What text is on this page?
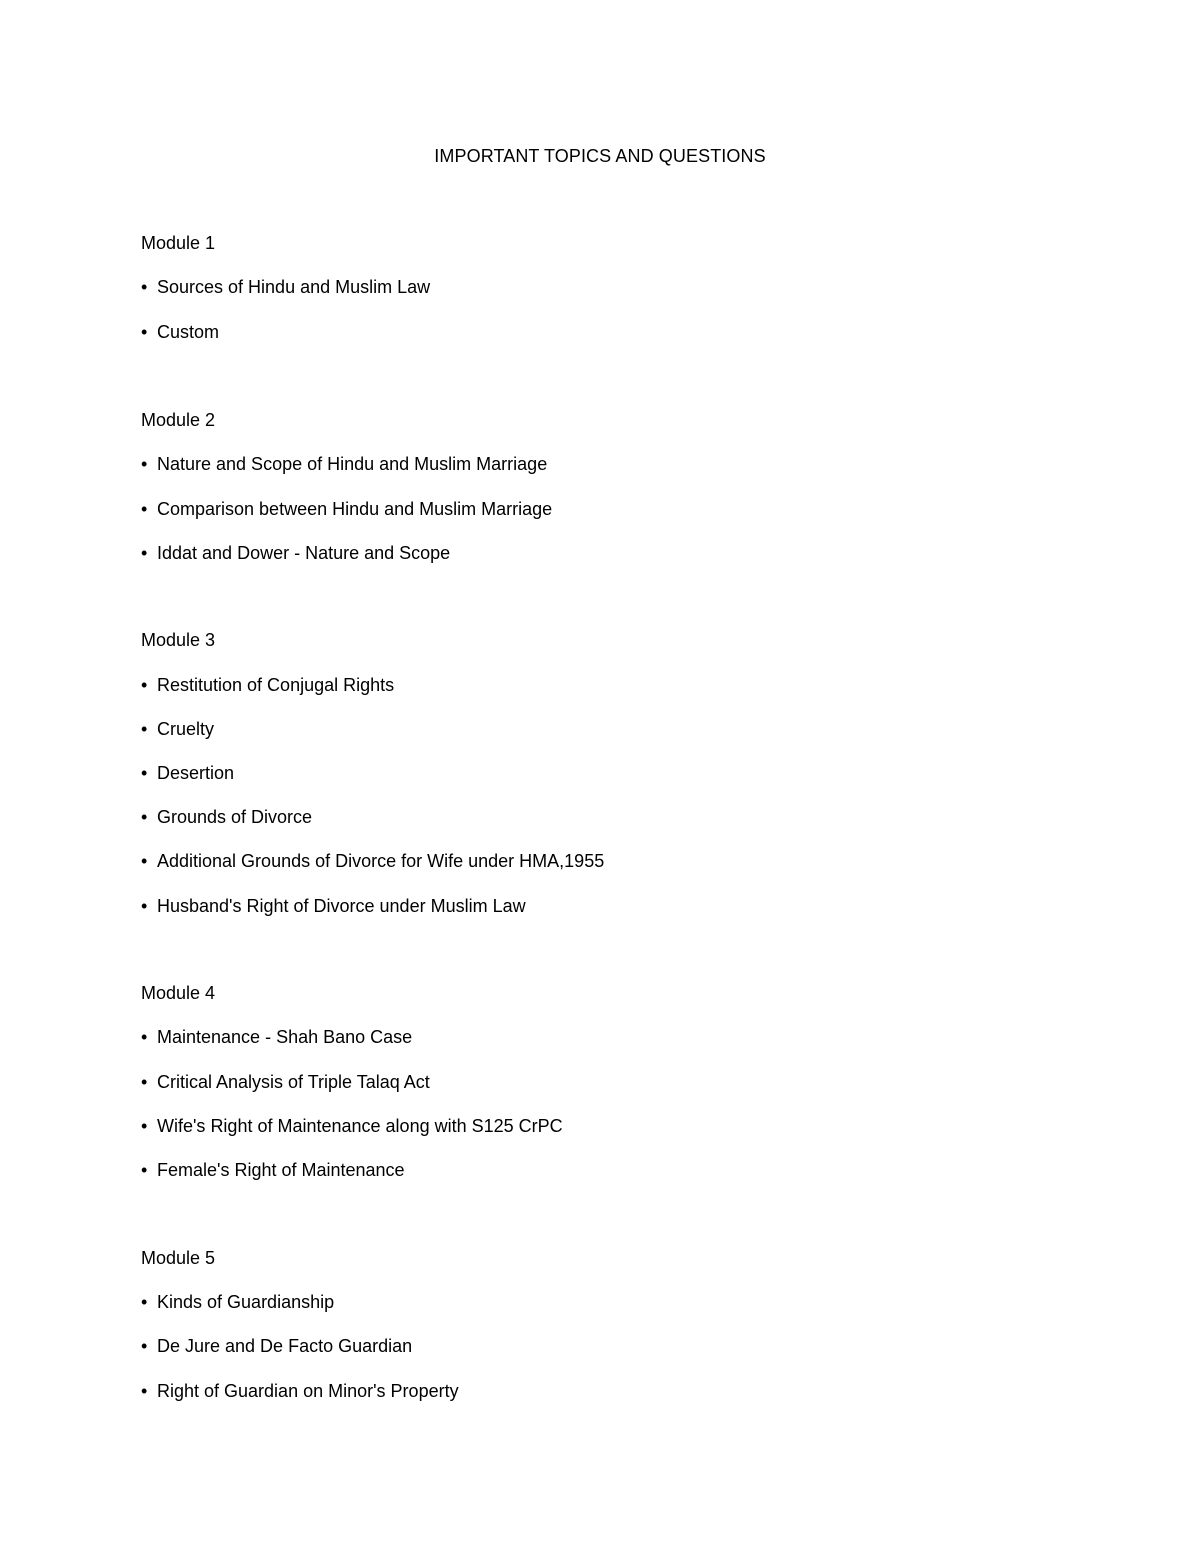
IMPORTANT TOPICS AND QUESTIONS
Module 1
• Sources of Hindu and Muslim Law
• Custom
Module 2
• Nature and Scope of Hindu and Muslim Marriage
• Comparison between Hindu and Muslim Marriage
• Iddat and Dower - Nature and Scope
Module 3
• Restitution of Conjugal Rights
• Cruelty
• Desertion
• Grounds of Divorce
• Additional Grounds of Divorce for Wife under HMA,1955
• Husband's Right of Divorce under Muslim Law
Module 4
• Maintenance - Shah Bano Case
• Critical Analysis of Triple Talaq Act
• Wife's Right of Maintenance along with S125 CrPC
• Female's Right of Maintenance
Module 5
• Kinds of Guardianship
• De Jure and De Facto Guardian
• Right of Guardian on Minor's Property
